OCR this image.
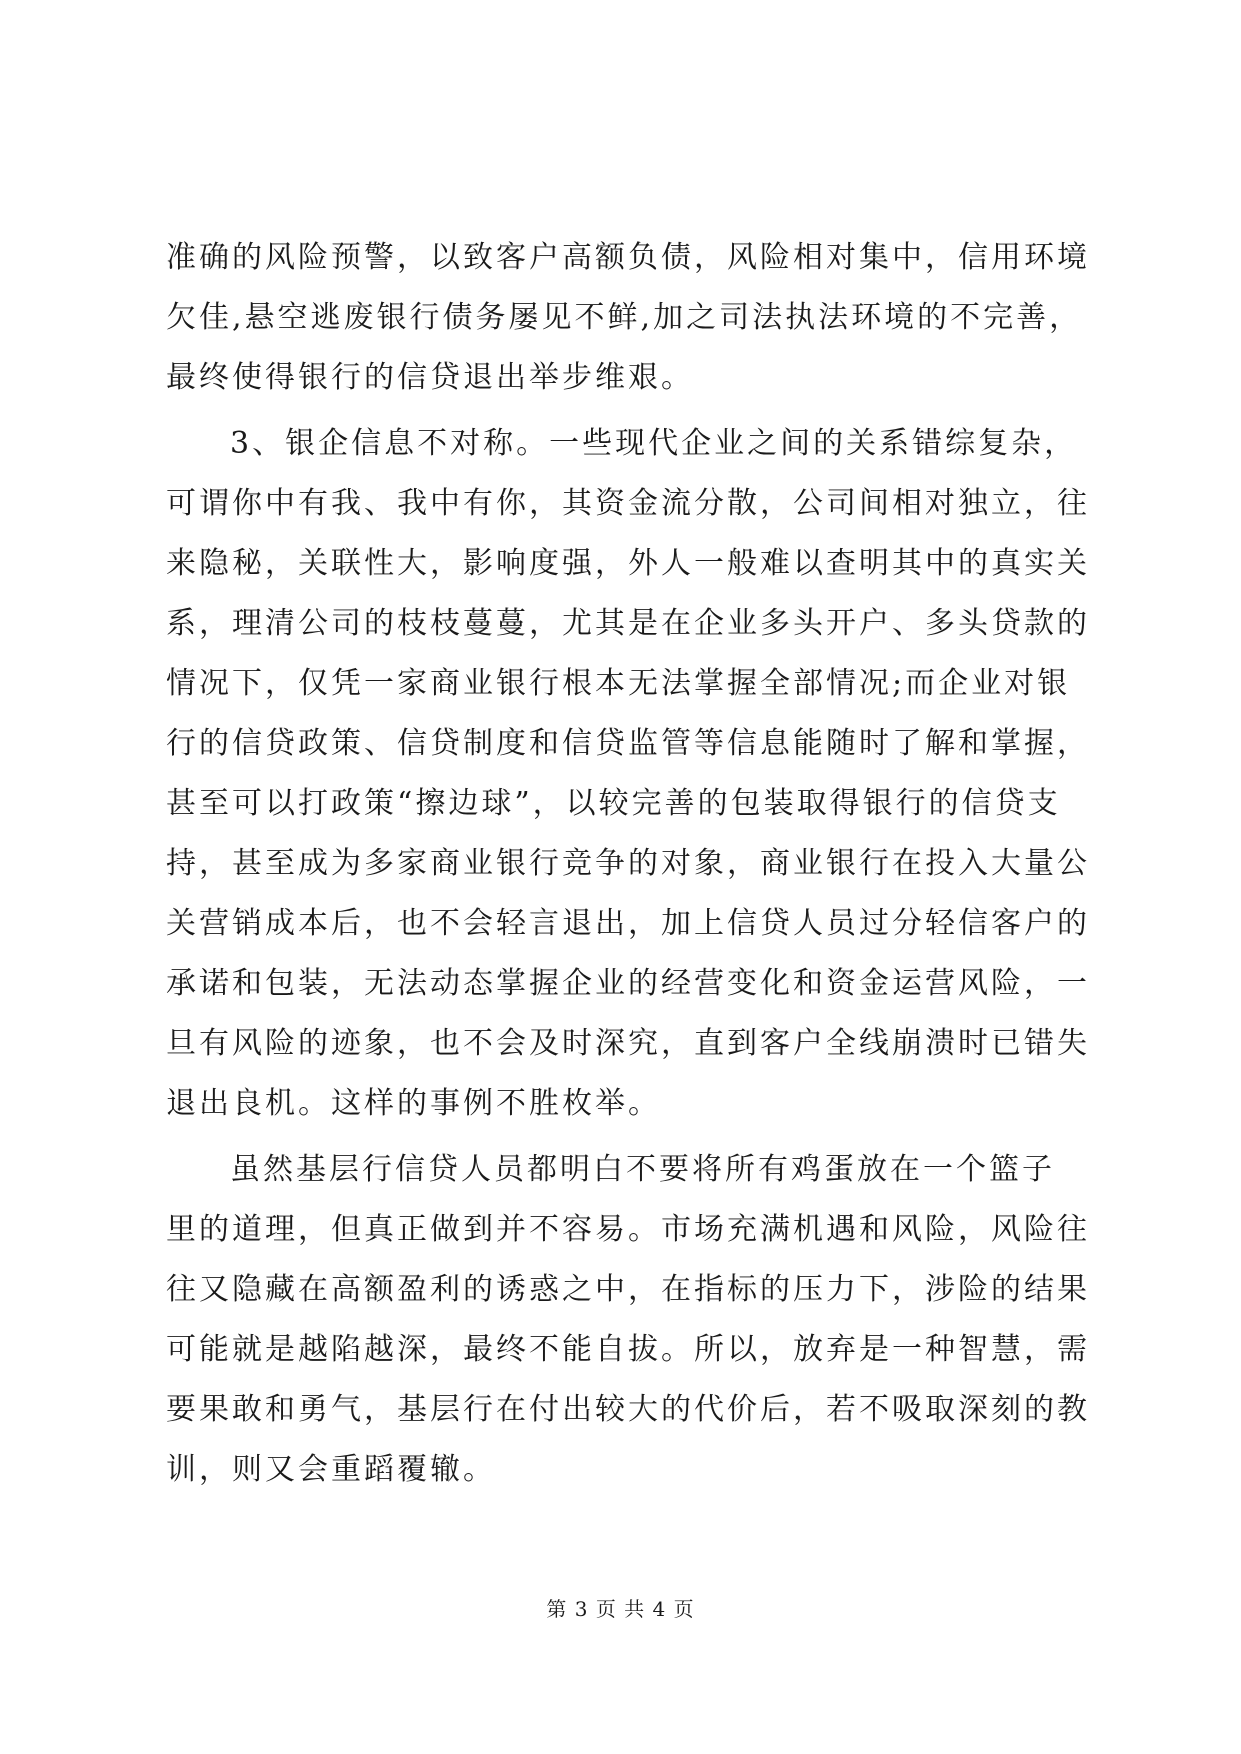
准确的风险预警，以致客户高额负债，风险相对集中，信用环境
欠佳,悬空逃废银行债务屡见不鲜,加之司法执法环境的不完善，
最终使得银行的信贷退出举步维艰。

3、银企信息不对称。一些现代企业之间的关系错综复杂，
可谓你中有我、我中有你，其资金流分散，公司间相对独立，往
来隐秘，关联性大，影响度强，外人一般难以查明其中的真实关
系，理清公司的枝枝蔓蔓，尤其是在企业多头开户、多头贷款的
情况下，仅凭一家商业银行根本无法掌握全部情况;而企业对银
行的信贷政策、信贷制度和信贷监管等信息能随时了解和掌握，
甚至可以打政策“擦边球”，以较完善的包装取得银行的信贷支
持，甚至成为多家商业银行竞争的对象，商业银行在投入大量公
关营销成本后，也不会轻言退出，加上信贷人员过分轻信客户的
承诺和包装，无法动态掌握企业的经营变化和资金运营风险，一
旦有风险的迹象，也不会及时深究，直到客户全线崩溃时已错失
退出良机。这样的事例不胜枚举。

虽然基层行信贷人员都明白不要将所有鸡蛋放在一个篮子
里的道理，但真正做到并不容易。市场充满机遇和风险，风险往
往又隐藏在高额盈利的诱惑之中，在指标的压力下，涉险的结果
可能就是越陷越深，最终不能自拔。所以，放弃是一种智慧，需
要果敢和勇气，基层行在付出较大的代价后，若不吸取深刻的教
训，则又会重蹈覆辙。

第 3 页 共 4 页
